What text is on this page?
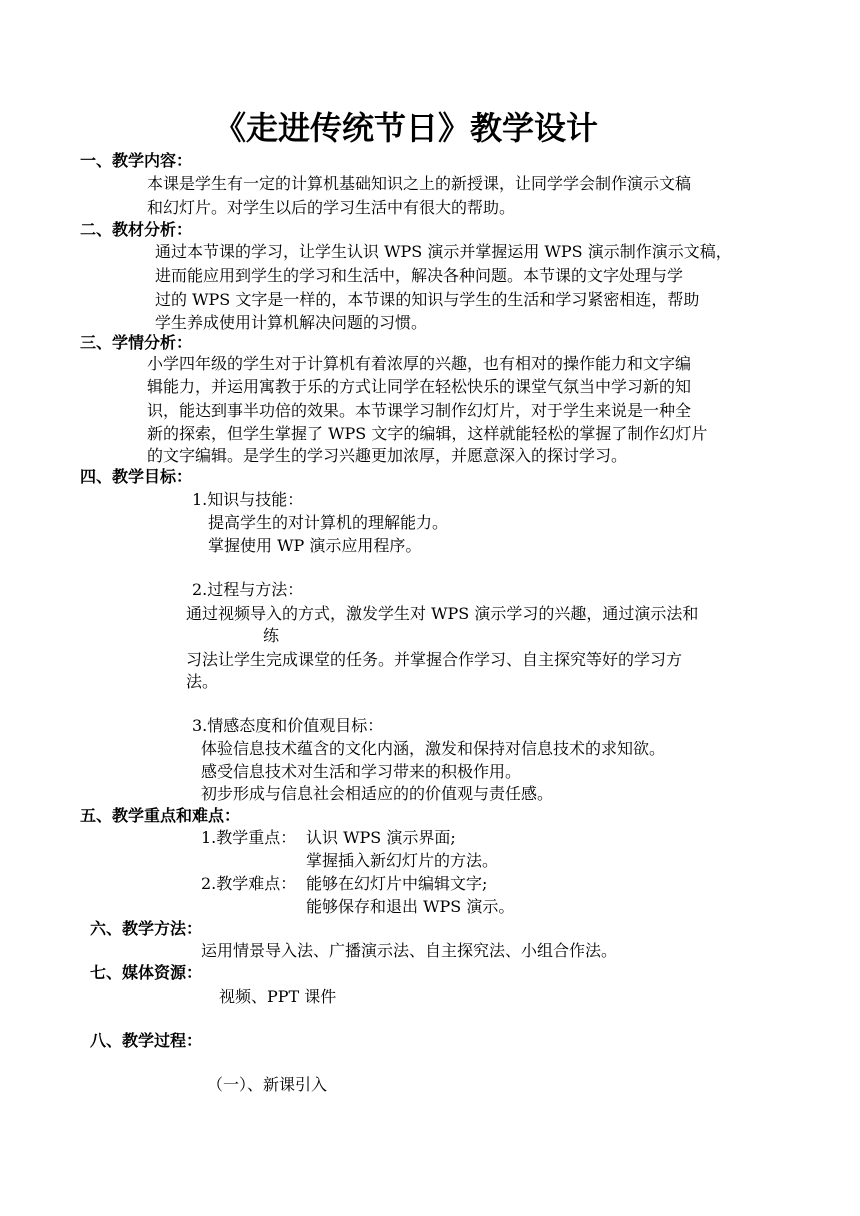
《走进传统节日》教学设计
一、教学内容：
本课是学生有一定的计算机基础知识之上的新授课，让同学学会制作演示文稿
和幻灯片。对学生以后的学习生活中有很大的帮助。
二、教材分析：
通过本节课的学习，让学生认识 WPS 演示并掌握运用 WPS 演示制作演示文稿，
进而能应用到学生的学习和生活中，解决各种问题。本节课的文字处理与学
过的 WPS 文字是一样的，本节课的知识与学生的生活和学习紧密相连，帮助
学生养成使用计算机解决问题的习惯。
三、学情分析：
小学四年级的学生对于计算机有着浓厚的兴趣，也有相对的操作能力和文字编
辑能力，并运用寓教于乐的方式让同学在轻松快乐的课堂气氛当中学习新的知
识，能达到事半功倍的效果。本节课学习制作幻灯片，对于学生来说是一种全
新的探索，但学生掌握了 WPS 文字的编辑，这样就能轻松的掌握了制作幻灯片
的文字编辑。是学生的学习兴趣更加浓厚，并愿意深入的探讨学习。
四、教学目标：
1.知识与技能：
提高学生的对计算机的理解能力。
掌握使用 WP 演示应用程序。
2.过程与方法：
通过视频导入的方式，激发学生对 WPS 演示学习的兴趣，通过演示法和
练
习法让学生完成课堂的任务。并掌握合作学习、自主探究等好的学习方
法。
3.情感态度和价值观目标：
体验信息技术蕴含的文化内涵，激发和保持对信息技术的求知欲。
感受信息技术对生活和学习带来的积极作用。
初步形成与信息社会相适应的的价值观与责任感。
五、教学重点和难点：
1.教学重点： 认识 WPS 演示界面;
掌握插入新幻灯片的方法。
2.教学难点： 能够在幻灯片中编辑文字;
能够保存和退出 WPS 演示。
六、教学方法：
运用情景导入法、广播演示法、自主探究法、小组合作法。
七、媒体资源：
视频、PPT 课件
八、教学过程：
（一）、新课引入
